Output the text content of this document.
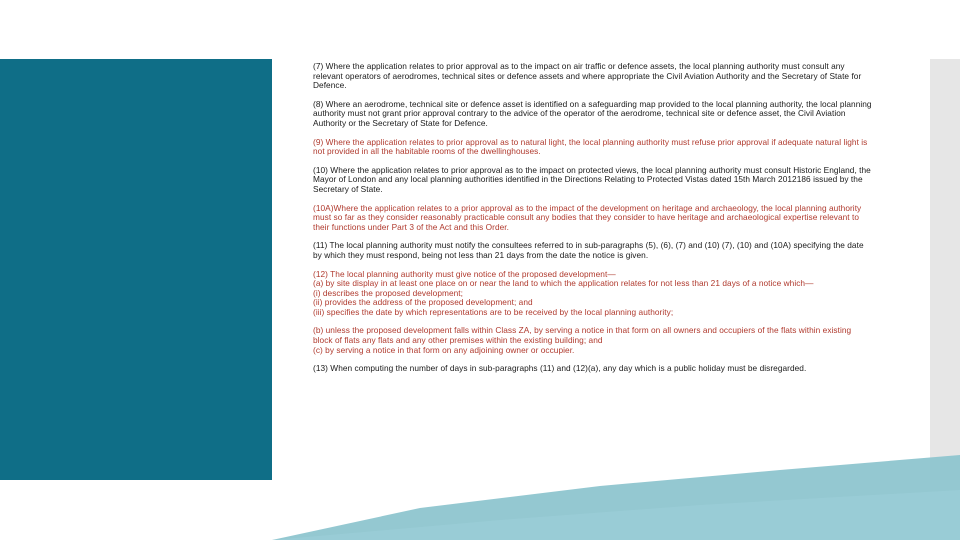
(7) Where the application relates to prior approval as to the impact on air traffic or defence assets, the local planning authority must consult any relevant operators of aerodromes, technical sites or defence assets and where appropriate the Civil Aviation Authority and the Secretary of State for Defence.

(8) Where an aerodrome, technical site or defence asset is identified on a safeguarding map provided to the local planning authority, the local planning authority must not grant prior approval contrary to the advice of the operator of the aerodrome, technical site or defence asset, the Civil Aviation Authority or the Secretary of State for Defence.

(9) Where the application relates to prior approval as to natural light, the local planning authority must refuse prior approval if adequate natural light is not provided in all the habitable rooms of the dwellinghouses.

(10) Where the application relates to prior approval as to the impact on protected views, the local planning authority must consult Historic England, the Mayor of London and any local planning authorities identified in the Directions Relating to Protected Vistas dated 15th March 2012186 issued by the Secretary of State.

(10A)Where the application relates to a prior approval as to the impact of the development on heritage and archaeology, the local planning authority must so far as they consider reasonably practicable consult any bodies that they consider to have heritage and archaeological expertise relevant to their functions under Part 3 of the Act and this Order.

(11) The local planning authority must notify the consultees referred to in sub-paragraphs (5), (6), (7) and (10) (7), (10) and (10A) specifying the date by which they must respond, being not less than 21 days from the date the notice is given.

(12) The local planning authority must give notice of the proposed development—
(a) by site display in at least one place on or near the land to which the application relates for not less than 21 days of a notice which—
(i) describes the proposed development;
(ii) provides the address of the proposed development; and
(iii) specifies the date by which representations are to be received by the local planning authority;

(b) unless the proposed development falls within Class ZA, by serving a notice in that form on all owners and occupiers of the flats within existing block of flats any flats and any other premises within the existing building; and
(c) by serving a notice in that form on any adjoining owner or occupier.

(13) When computing the number of days in sub-paragraphs (11) and (12)(a), any day which is a public holiday must be disregarded.
